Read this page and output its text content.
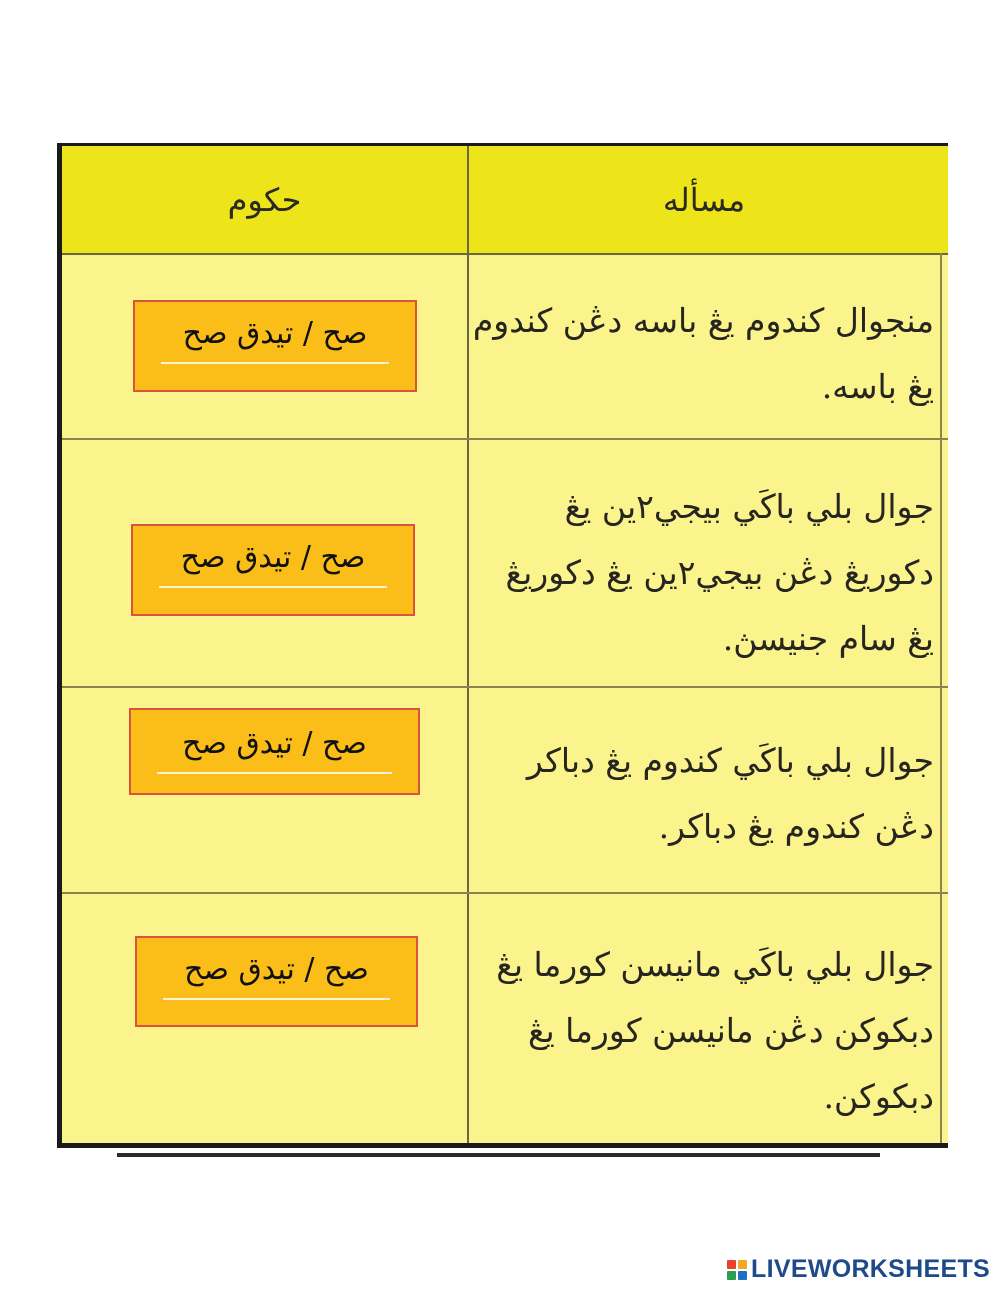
حكوم	مسأله
منجوال كندوم يڠ باسه دڠن كندوم يڠ باسه.
جوال بلي باكَي بيجي٢ين يڠ دكوريڠ دڠن بيجي٢ين يڠ دكوريڠ يڠ سام جنيسڽ.
جوال بلي باكَي كندوم يڠ دباكر دڠن كندوم يڠ دباكر.
جوال بلي باكَي مانيسن كورما يڠ دبكوكن دڠن مانيسن كورما يڠ دبكوكن.
صح / تيدق صح
صح / تيدق صح
صح / تيدق صح
صح / تيدق صح
LIVEWORKSHEETS
